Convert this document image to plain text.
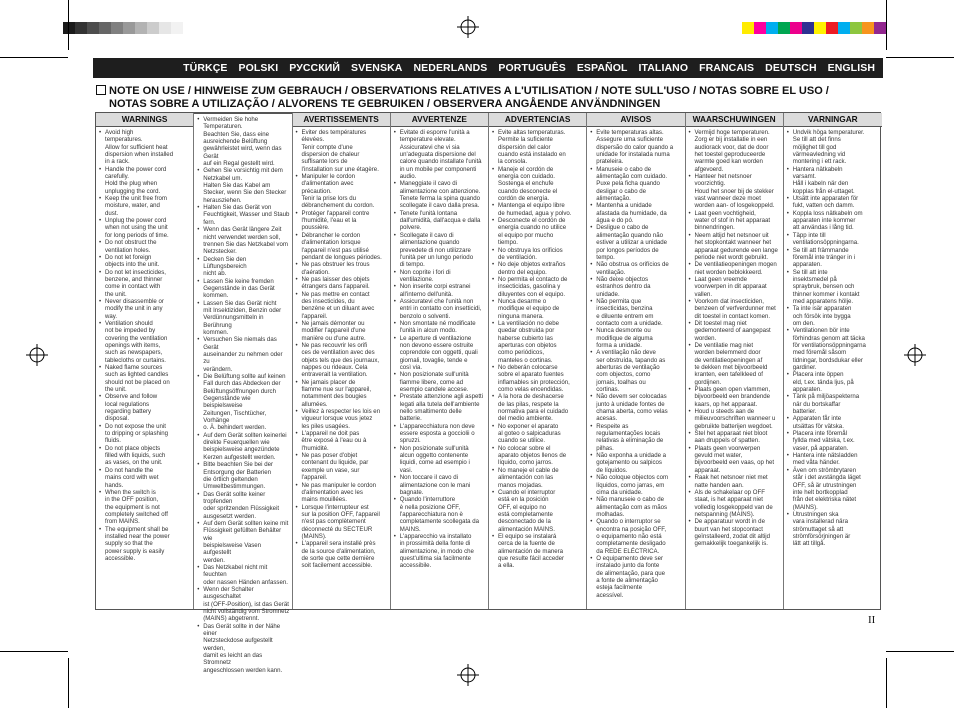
TÜRKÇE POLSKI РУССКИЙ SVENSKA NEDERLANDS PORTUGUÊS ESPAÑOL ITALIANO FRANCAIS DEUTSCH ENGLISH
NOTE ON USE / HINWEISE ZUM GEBRAUCH / OBSERVATIONS RELATIVES A L'UTILISATION / NOTE SULL'USO / NOTAS SOBRE EL USO /
NOTAS SOBRE A UTILIZAÇÃO / ALVORENS TE GEBRUIKEN / OBSERVERA ANGÅENDE ANVÄNDNINGEN
WARNINGS
• Avoid high
temperatures.
Allow for sufficient heat
dispersion when installed
in a rack.
• Handle the power cord
carefully.
Hold the plug when
unplugging the cord.
• Keep the unit free from
moisture, water, and
dust.
• Unplug the power cord
when not using the unit
for long periods of time.
• Do not obstruct the
ventilation holes.
• Do not let foreign
objects into the unit.
• Do not let insecticides,
benzene, and thinner
come in contact with
the unit.
• Never disassemble or
modify the unit in any
way.
• Ventilation should
not be impeded by
covering the ventilation
openings with items,
such as newspapers,
tablecloths or curtains.
• Naked flame sources
such as lighted candles
should not be placed on
the unit.
• Observe and follow
local regulations
regarding battery
disposal.
• Do not expose the unit
to dripping or splashing
fluids.
• Do not place objects
filled with liquids, such
as vases, on the unit.
• Do not handle the
mains cord with wet
hands.
• When the switch is
in the OFF position,
the equipment is not
completely switched off
from MAINS.
• The equipment shall be
installed near the power
supply so that the
power supply is easily
accessible.
• Vermeiden Sie hohe Temperaturen.
Beachten Sie, dass eine
ausreichende Belüftung
gewährleistet wird, wenn das Gerät
auf ein Regal gestellt wird.
• Gehen Sie vorsichtig mit dem
Netzkabel um.
Halten Sie das Kabel am
Stecker, wenn Sie den Stecker
herausziehen.
• Halten Sie das Gerät von
Feuchtigkeit, Wasser und Staub
fern.
• Wenn das Gerät längere Zeit
nicht verwendet werden soll,
trennen Sie das Netzkabel vom
Netzstecker.
• Decken Sie den Lüftungsbereich
nicht ab.
• Lassen Sie keine fremden
Gegenstände in das Gerät
kommen.
• Lassen Sie das Gerät nicht
mit Insektiziden, Benzin oder
Verdünnungsmitteln in Berührung
kommen.
• Versuchen Sie niemals das Gerät
auseinander zu nehmen oder zu
verändern.
• Die Belüftung sollte auf keinen
Fall durch das Abdecken der
Belüftungsöffnungen durch
Gegenstände wie beispielsweise
Zeitungen, Tischtücher, Vorhänge
o. Ä. behindert werden.
• Auf dem Gerät sollten keinerlei
direkte Feuerquellen wie
beispielsweise angezündete
Kerzen aufgestellt werden.
• Bitte beachten Sie bei der
Entsorgung der Batterien
die örtlich geltenden
Umweltbestimmungen.
• Das Gerät sollte keiner tropfenden
oder spritzenden Flüssigkeit
ausgesetzt werden.
• Auf dem Gerät sollten keine mit
Flüssigkeit gefüllten Behälter wie
beispielsweise Vasen aufgestellt
werden.
• Das Netzkabel nicht mit feuchten
oder nassen Händen anfassen.
• Wenn der Schalter ausgeschaltet
ist (OFF-Position), ist das Gerät
nicht vollständig vom Stromnetz
(MAINS) abgetrennt.
• Das Gerät sollte in der Nähe einer
Netzsteckdose aufgestellt werden,
damit es leicht an das Stromnetz
angeschlossen werden kann.
AVERTISSEMENTS
• Eviter des températures
élevées.
Tenir compte d'une
dispersion de chaleur
suffisante lors de
l'installation sur une étagère.
• Manipuler le cordon
d'alimentation avec
précaution.
Tenir la prise lors du
débranchement du cordon.
• Protéger l'appareil contre
l'humidité, l'eau et la
poussière.
• Débrancher le cordon
d'alimentation lorsque
l'appareil n'est pas utilisé
pendant de longues périodes.
• Ne pas obstruer les trous
d'aération.
• Ne pas laisser des objets
étrangers dans l'appareil.
• Ne pas mettre en contact
des insecticides, du
benzène et un diluant avec
l'appareil.
• Ne jamais démonter ou
modifier l'appareil d'une
manière ou d'une autre.
• Ne pas recouvrir les orifi
ces de ventilation avec des
objets tels que des journaux,
nappes ou rideaux. Cela
entraverait la ventilation.
• Ne jamais placer de
flamme nue sur l'appareil,
notamment des bougies
allumées.
• Veillez à respecter les lois en
vigueur lorsque vous jetez
les piles usagées.
• L'appareil ne doit pas
être exposé à l'eau ou à
l'humidité.
• Ne pas poser d'objet
contenant du liquide, par
exemple un vase, sur
l'appareil.
• Ne pas manipuler le cordon
d'alimentation avec les
mains mouillées.
• Lorsque l'interrupteur est
sur la position OFF, l'appareil
n'est pas complètement
déconnecté du SECTEUR
(MAINS).
• L'appareil sera installé près
de la source d'alimentation,
de sorte que cette dernière
soit facilement accessible.
AVVERTENZE
• Evitate di esporre l'unità a
temperature elevate.
Assicuratevi che vi sia
un'adeguata dispersione del
calore quando installate l'unità
in un mobile per componenti
audio.
• Maneggiate il cavo di
alimentazione con attenzione.
Tenete ferma la spina quando
scollegate il cavo dalla presa.
• Tenete l'unità lontana
dall'umidità, dall'acqua e dalla
polvere.
• Scollegate il cavo di
alimentazione quando
prevedete di non utilizzare
l'unità per un lungo periodo
di tempo.
• Non coprite i fori di
ventilazione.
• Non inserite corpi estranei
all'interno dell'unità.
• Assicuratevi che l'unità non
entri in contatto con insetticidi,
benzolo o solventi.
• Non smontate né modificate
l'unità in alcun modo.
• Le aperture di ventilazione
non devono essere ostruite
coprendole con oggetti, quali
giornali, tovaglie, tende e
così via.
• Non posizionate sull'unità
fiamme libere, come ad
esempio candele accese.
• Prestate attenzione agli aspetti
legati alla tutela dell'ambiente
nello smaltimento delle
batterie.
• L'apparecchiatura non deve
essere esposta a gocciolii o
spruzzi.
• Non posizionate sull'unità
alcun oggetto contenente
liquidi, come ad esempio i
vasi.
• Non toccare il cavo di
alimentazione con le mani
bagnate.
• Quando l'interruttore
è nella posizione OFF,
l'apparecchiatura non è
completamente scollegata da
MAINS.
• L'apparecchio va installato
in prossimità della fonte di
alimentazione, in modo che
quest'ultima sia facilmente
accessibile.
ADVERTENCIAS
• Evite altas temperaturas.
Permite la suficiente
dispersión del calor
cuando está instalado en
la consola.
• Maneje el cordón de
energía con cuidado.
Sostenga el enchufe
cuando desconecte el
cordón de energía.
• Mantenga el equipo libre
de humedad, agua y polvo.
• Desconecte el cordón de
energía cuando no utilice
el equipo por mucho
tiempo.
• No obstruya los orificios
de ventilación.
• No deje objetos extraños
dentro del equipo.
• No permita el contacto de
insecticidas, gasolina y
diluyentes con el equipo.
• Nunca desarme o
modifique el equipo de
ninguna manera.
• La ventilación no debe
quedar obstruida por
haberse cubierto las
aperturas con objetos
como periódicos,
manteles o cortinas.
• No deberán colocarse
sobre el aparato fuentes
inflamables sin protección,
como velas encendidas.
• A la hora de deshacerse
de las pilas, respete la
normativa para el cuidado
del medio ambiente.
• No exponer el aparato
al goteo o salpicaduras
cuando se utilice.
• No colocar sobre el
aparato objetos llenos de
líquido, como jarros.
• No maneje el cable de
alimentación con las
manos mojadas.
• Cuando el interruptor
está en la posición
OFF, el equipo no
está completamente
desconectado de la
alimentación MAINS.
• El equipo se instalará
cerca de la fuente de
alimentación de manera
que resulte fácil acceder
a ella.
AVISOS
• Evite temperaturas altas.
Assegure uma suficiente
dispersão do calor quando a
unidade for instalada numa
prateleira.
• Manuseie o cabo de
alimentação com cuidado.
Puxe pela ficha quando
desligar o cabo de
alimentação.
• Mantenha a unidade
afastada da humidade, da
água e do pó.
• Desligue o cabo de
alimentação quando não
estiver a utilizar a unidade
por longos períodos de
tempo.
• Não obstrua os orifícios de
ventilação.
• Não deixe objectos
estranhos dentro da
unidade.
• Não permita que
insecticidas, benzina
e diluente entrem em
contacto com a unidade.
• Nunca desmonte ou
modifique de alguma
forma a unidade.
• A ventilação não deve
ser obstruída, tapando as
aberturas de ventilação
com objectos, como
jornais, toalhas ou
cortinas.
• Não devem ser colocadas
junto à unidade fontes de
chama aberta, como velas
acesas.
• Respeite as
regulamentações locais
relativas à eliminação de
pilhas.
• Não exponha a unidade a
gotejamento ou salpicos
de líquidos.
• Não coloque objectos com
líquidos, como jarras, em
cima da unidade.
• Não manuseie o cabo de
alimentação com as mãos
molhadas.
• Quando o interruptor se
encontra na posição OFF,
o equipamento não está
completamente desligado
da REDE ELÉCTRICA.
• O equipamento deve ser
instalado junto da fonte
de alimentação, para que
a fonte de alimentação
esteja facilmente
acessível.
WAARSCHUWINGEN
• Vermijd hoge temperaturen.
Zorg er bij installatie in een
audiorack voor, dat de door
het toestel geproduceerde
warmte goed kan worden
afgevoerd.
• Hanteer het netsnoer
voorzichtig.
Houd het snoer bij de stekker
vast wanneer deze moet
worden aan- of losgekoppeld.
• Laat geen vochtigheid,
water of stof in het apparaat
binnendringen.
• Neem altijd het netsnoer uit
het stopkontakt wanneer het
apparaat gedurende een lange
periode niet wordt gebruikt.
• De ventilatieopeningen mogen
niet worden beblokkeerd.
• Laat geen vreemde
voorwerpen in dit apparaat
vallen.
• Voorkom dat insecticiden,
benzeen of verfverdunner met
dit toestel in contact komen.
• Dit toestel mag niet
gedemonteerd of aangepast
worden.
• De ventilatie mag niet
worden belemmerd door
de ventilatieopeningen af
te dekken met bijvoorbeeld
kranten, een tafelkleed of
gordijnen.
• Plaats geen open vlammen,
bijvoorbeeld een brandende
kaars, op het apparaat.
• Houd u steeds aan de
milieuvoorschriften wanneer u
gebruikte batterijen wegdoet.
• Stel het apparaat niet bloot
aan druppels of spatten.
• Plaats geen voorwerpen
gevuld met water,
bijvoorbeeld een vaas, op het
apparaat.
• Raak het netsnoer niet met
natte handen aan.
• Als de schakelaar op OFF
staat, is het apparaat niet
volledig losgekoppeld van de
netspanning (MAINS).
• De apparatuur wordt in de
buurt van het stopcontact
geïnstalleerd, zodat dit altijd
gemakkelijk toegankelijk is.
VARNINGAR
• Undvik höga temperaturer.
Se till att det finns
möjlighet till god
värmeavledning vid
montering i ett rack.
• Hantera nätkabeln
varsamt.
Håll i kabeln när den
kopplas från el-uttaget.
• Utsätt inte apparaten för
fukt, vatten och damm.
• Koppla loss nätkabeln om
apparaten inte kommer
att användas i lång tid.
• Täpp inte till
ventilationsöppningarna.
• Se till att främmande
föremål inte tränger in i
apparaten.
• Se till att inte
insektsmedel på
spraybruk, bensen och
thinner kommer i kontakt
med apparatens hölje.
• Ta inte isär apparaten
och försök inte bygga
om den.
• Ventilationen bör inte
förhindras genom att täcka
för ventilationsöppningarna
med föremål såsom
tidningar, bordsdukar eller
gardiner.
• Placera inte öppen
eld, t.ex. tända ljus, på
apparaten.
• Tänk på miljöaspekterna
när du bortskaffar
batterier.
• Apparaten får inte
utsättas för vätska.
• Placera inte föremål
fyllda med vätska, t.ex.
vaser, på apparaten.
• Hantera inte nätsladden
med våta händer.
• Även om strömbrytaren
står i det avstängda läget
OFF, så är utrustningen
inte helt bortkopplad
från det elektriska nätet
(MAINS).
• Utrustningen ska
vara installerad nära
strömuttaget så att
strömförsörjningen är
lätt att tillgå.
II
